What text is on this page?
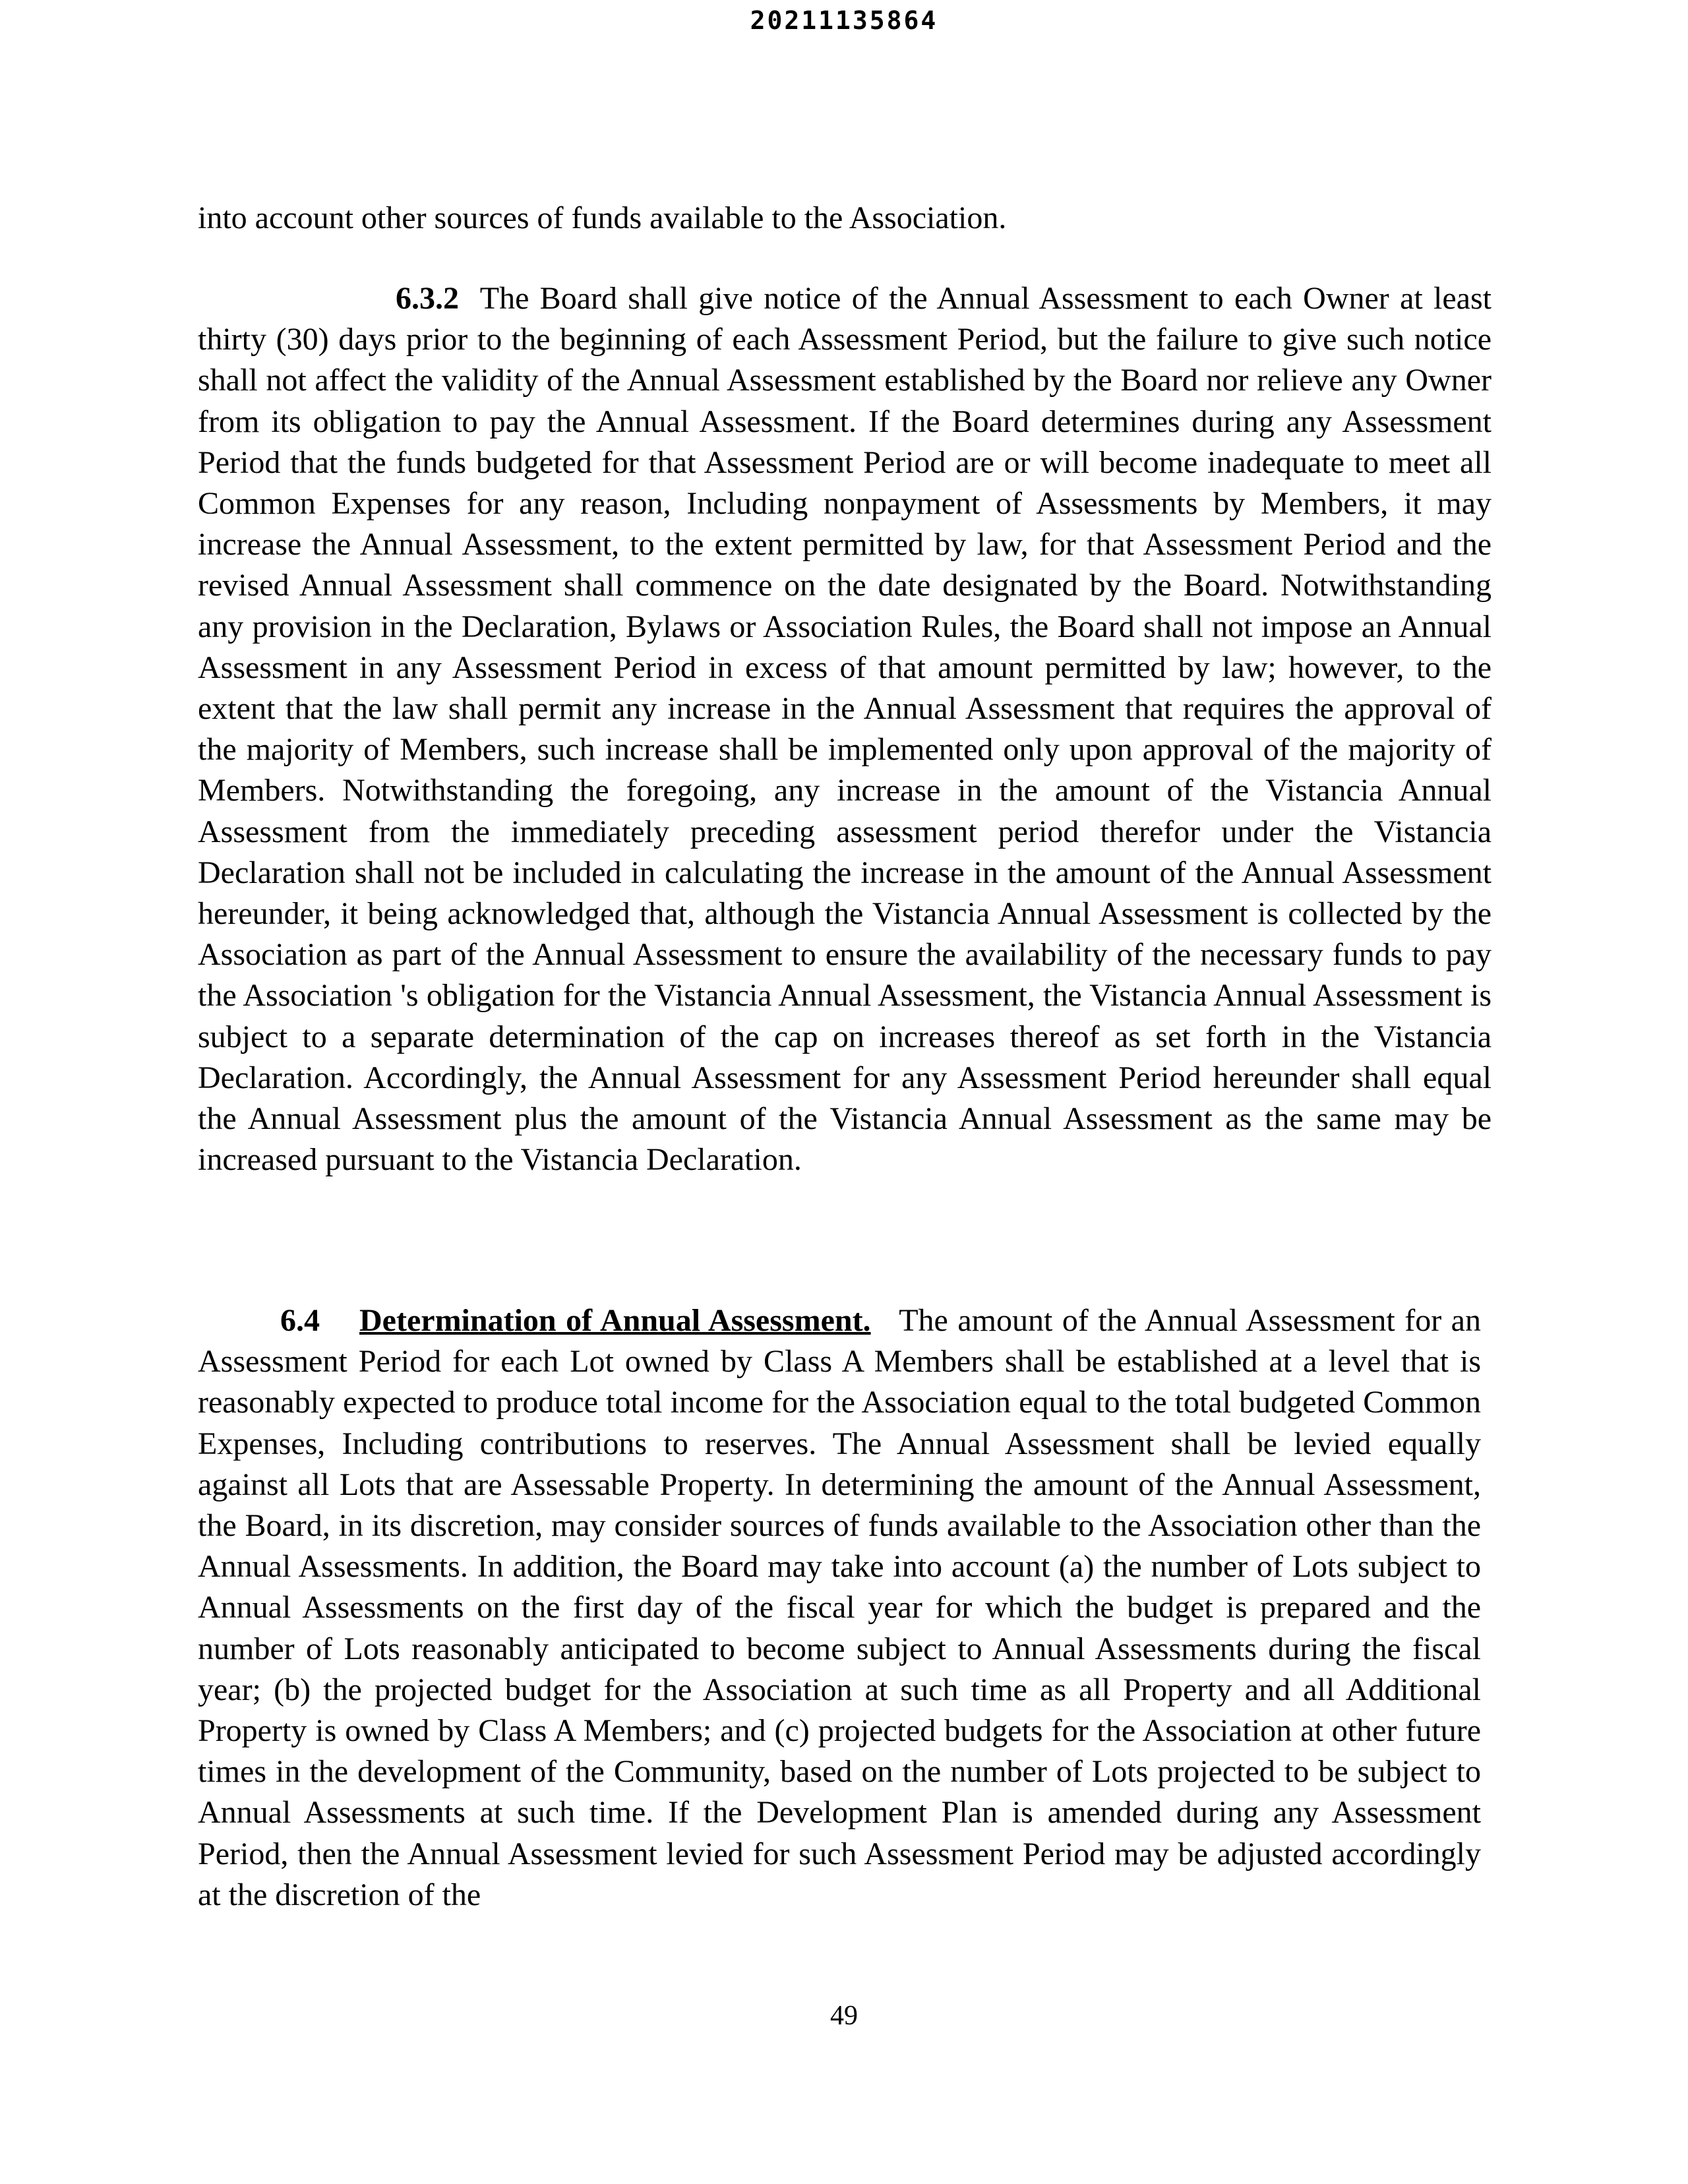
20211135864
into account other sources of funds available to the Association.
6.3.2 The Board shall give notice of the Annual Assessment to each Owner at least thirty (30) days prior to the beginning of each Assessment Period, but the failure to give such notice shall not affect the validity of the Annual Assessment established by the Board nor relieve any Owner from its obligation to pay the Annual Assessment. If the Board determines during any Assessment Period that the funds budgeted for that Assessment Period are or will become inadequate to meet all Common Expenses for any reason, Including nonpayment of Assessments by Members, it may increase the Annual Assessment, to the extent permitted by law, for that Assessment Period and the revised Annual Assessment shall commence on the date designated by the Board. Notwithstanding any provision in the Declaration, Bylaws or Association Rules, the Board shall not impose an Annual Assessment in any Assessment Period in excess of that amount permitted by law; however, to the extent that the law shall permit any increase in the Annual Assessment that requires the approval of the majority of Members, such increase shall be implemented only upon approval of the majority of Members. Notwithstanding the foregoing, any increase in the amount of the Vistancia Annual Assessment from the immediately preceding assessment period therefor under the Vistancia Declaration shall not be included in calculating the increase in the amount of the Annual Assessment hereunder, it being acknowledged that, although the Vistancia Annual Assessment is collected by the Association as part of the Annual Assessment to ensure the availability of the necessary funds to pay the Association 's obligation for the Vistancia Annual Assessment, the Vistancia Annual Assessment is subject to a separate determination of the cap on increases thereof as set forth in the Vistancia Declaration. Accordingly, the Annual Assessment for any Assessment Period hereunder shall equal the Annual Assessment plus the amount of the Vistancia Annual Assessment as the same may be increased pursuant to the Vistancia Declaration.
6.4 Determination of Annual Assessment. The amount of the Annual Assessment for an Assessment Period for each Lot owned by Class A Members shall be established at a level that is reasonably expected to produce total income for the Association equal to the total budgeted Common Expenses, Including contributions to reserves. The Annual Assessment shall be levied equally against all Lots that are Assessable Property. In determining the amount of the Annual Assessment, the Board, in its discretion, may consider sources of funds available to the Association other than the Annual Assessments. In addition, the Board may take into account (a) the number of Lots subject to Annual Assessments on the first day of the fiscal year for which the budget is prepared and the number of Lots reasonably anticipated to become subject to Annual Assessments during the fiscal year; (b) the projected budget for the Association at such time as all Property and all Additional Property is owned by Class A Members; and (c) projected budgets for the Association at other future times in the development of the Community, based on the number of Lots projected to be subject to Annual Assessments at such time. If the Development Plan is amended during any Assessment Period, then the Annual Assessment levied for such Assessment Period may be adjusted accordingly at the discretion of the
49
